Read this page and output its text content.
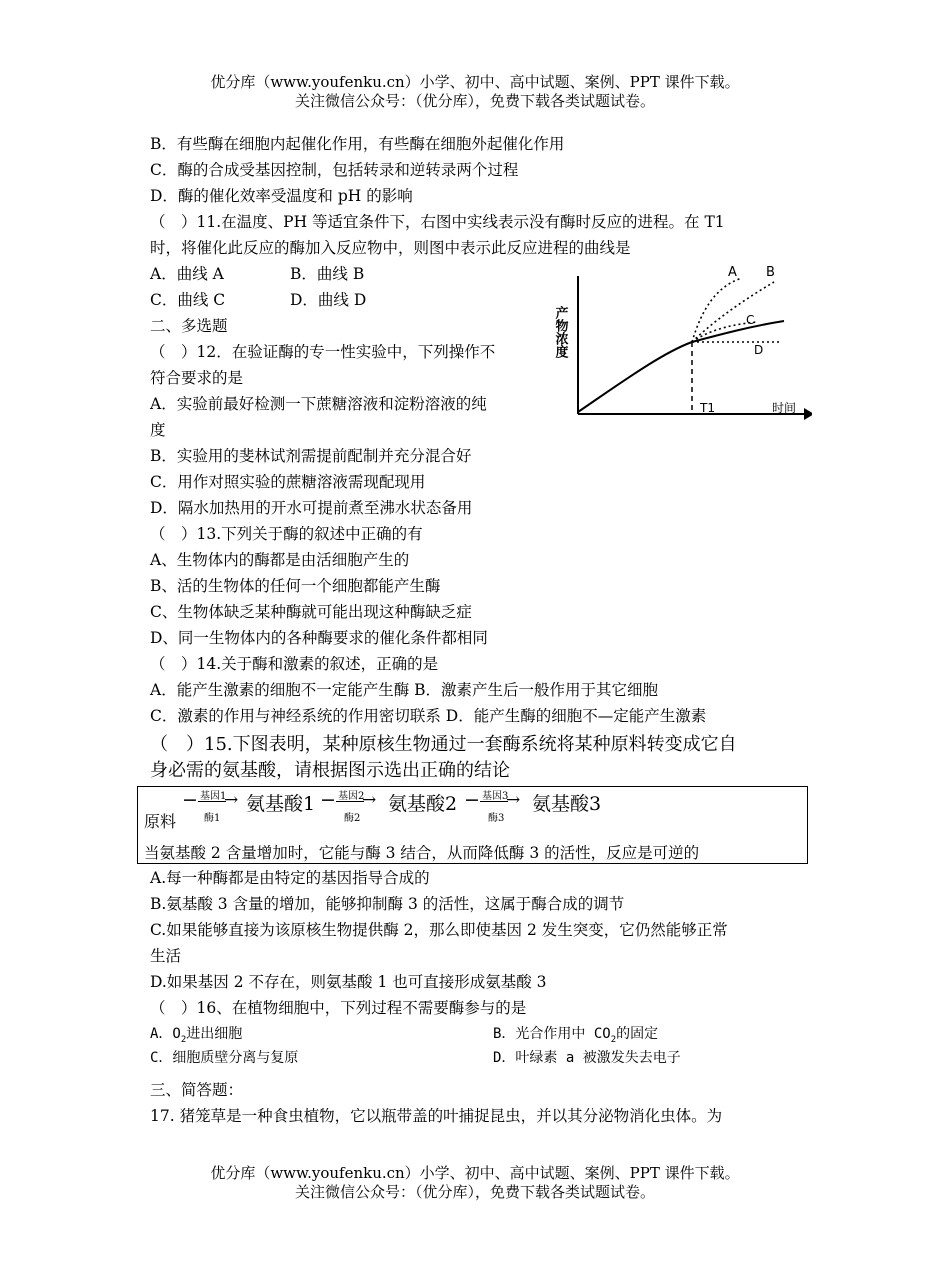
优分库（www.youfenku.cn）小学、初中、高中试题、案例、PPT 课件下载。
关注微信公众号：（优分库），免费下载各类试题试卷。
B．有些酶在细胞内起催化作用，有些酶在细胞外起催化作用
C．酶的合成受基因控制，包括转录和逆转录两个过程
D．酶的催化效率受温度和 pH 的影响
（　）11.在温度、PH 等适宜条件下，右图中实线表示没有酶时反应的进程。在 T1
时，将催化此反应的酶加入反应物中，则图中表示此反应进程的曲线是
A．曲线 A	B．曲线 B
C．曲线 C	D．曲线 D
A B
C
D
T1	时间
产物浓度
二、多选题
（　）12．在验证酶的专一性实验中，下列操作不
符合要求的是
A．实验前最好检测一下蔗糖溶液和淀粉溶液的纯
度
B．实验用的斐林试剂需提前配制并充分混合好
C．用作对照实验的蔗糖溶液需现配现用
D．隔水加热用的开水可提前煮至沸水状态备用
（　）13.下列关于酶的叙述中正确的有
A、生物体内的酶都是由活细胞产生的
B、活的生物体的任何一个细胞都能产生酶
C、生物体缺乏某种酶就可能出现这种酶缺乏症
D、同一生物体内的各种酶要求的催化条件都相同
（　）14.关于酶和激素的叙述，正确的是
A．能产生激素的细胞不一定能产生酶 B．激素产生后一般作用于其它细胞
C．激素的作用与神经系统的作用密切联系 D．能产生酶的细胞不—定能产生激素
（　）15.下图表明，某种原核生物通过一套酶系统将某种原料转变成它自
身必需的氨基酸，请根据图示选出正确的结论
原料
− 基因1
→
酶1
氨基酸1 − 基因2
→
酶2
氨基酸2 − 基因3
→
酶3
氨基酸3
当氨基酸 2 含量增加时，它能与酶 3 结合，从而降低酶 3 的活性，反应是可逆的
A.每一种酶都是由特定的基因指导合成的
B.氨基酸 3 含量的增加，能够抑制酶 3 的活性，这属于酶合成的调节
C.如果能够直接为该原核生物提供酶 2，那么即使基因 2 发生突变，它仍然能够正常
生活
D.如果基因 2 不存在，则氨基酸 1 也可直接形成氨基酸 3
（　）16、在植物细胞中，下列过程不需要酶参与的是
A．$O_2$进出细胞	B．光合作用中 $CO_2$的固定
C．细胞质壁分离与复原	D．叶绿素 a 被激发失去电子
三、简答题：
17. 猪笼草是一种食虫植物，它以瓶带盖的叶捕捉昆虫，并以其分泌物消化虫体。为
优分库（www.youfenku.cn）小学、初中、高中试题、案例、PPT 课件下载。
关注微信公众号：（优分库），免费下载各类试题试卷。
